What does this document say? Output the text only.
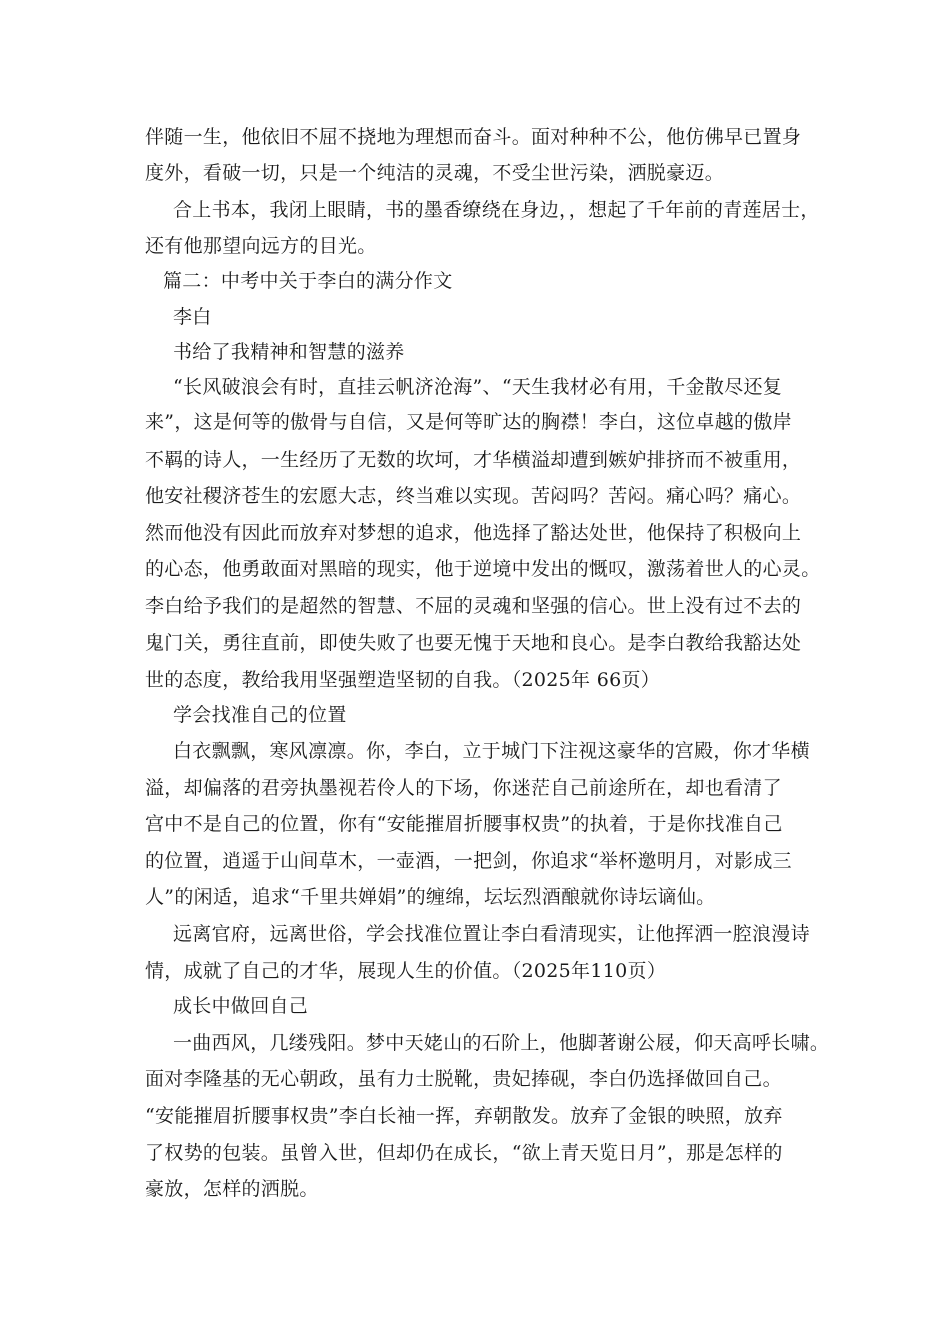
伴随一生，他依旧不屈不挠地为理想而奋斗。面对种种不公，他仿佛早已置身
度外，看破一切，只是一个纯洁的灵魂，不受尘世污染，洒脱豪迈。
合上书本，我闭上眼睛，书的墨香缭绕在身边，，想起了千年前的青莲居士，
还有他那望向远方的目光。
篇二：中考中关于李白的满分作文
李白
书给了我精神和智慧的滋养
“长风破浪会有时，直挂云帆济沧海”、“天生我材必有用，千金散尽还复
来”，这是何等的傲骨与自信，又是何等旷达的胸襟！李白，这位卓越的傲岸
不羁的诗人，一生经历了无数的坎坷，才华横溢却遭到嫉妒排挤而不被重用，
他安社稷济苍生的宏愿大志，终当难以实现。苦闷吗？苦闷。痛心吗？痛心。
然而他没有因此而放弃对梦想的追求，他选择了豁达处世，他保持了积极向上
的心态，他勇敢面对黑暗的现实，他于逆境中发出的慨叹，激荡着世人的心灵。
李白给予我们的是超然的智慧、不屈的灵魂和坚强的信心。世上没有过不去的
鬼门关，勇往直前，即使失败了也要无愧于天地和良心。是李白教给我豁达处
世的态度，教给我用坚强塑造坚韧的自我。（2025年 66页）
学会找准自己的位置
白衣飘飘，寒风凛凛。你，李白，立于城门下注视这豪华的宫殿，你才华横
溢，却偏落的君旁执墨视若伶人的下场，你迷茫自己前途所在，却也看清了
宫中不是自己的位置，你有“安能摧眉折腰事权贵”的执着，于是你找准自己
的位置，逍遥于山间草木，一壶酒，一把剑，你追求“举杯邀明月，对影成三
人”的闲适，追求“千里共婵娟”的缠绵，坛坛烈酒酿就你诗坛谪仙。
远离官府，远离世俗，学会找准位置让李白看清现实，让他挥洒一腔浪漫诗
情，成就了自己的才华，展现人生的价值。（2025年110页）
成长中做回自己
一曲西风，几缕残阳。梦中天姥山的石阶上，他脚著谢公屐，仰天高呼长啸。
面对李隆基的无心朝政，虽有力士脱靴，贵妃捧砚，李白仍选择做回自己。
“安能摧眉折腰事权贵”李白长袖一挥，弃朝散发。放弃了金银的映照，放弃
了权势的包装。虽曾入世，但却仍在成长，“欲上青天览日月”，那是怎样的
豪放，怎样的洒脱。
